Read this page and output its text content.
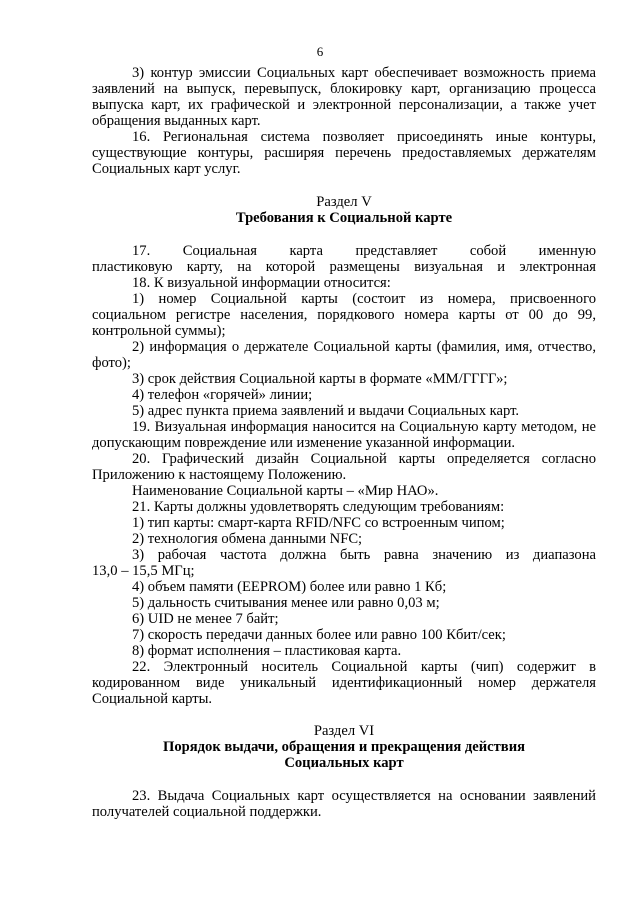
6
3) контур эмиссии Социальных карт обеспечивает возможность приема
заявлений на выпуск, перевыпуск, блокировку карт, организацию процесса
выпуска карт, их графической и электронной персонализации, а также учет
обращения выданных карт.
16. Региональная система позволяет присоединять иные контуры,
существующие контуры, расширяя перечень предоставляемых держателям
Социальных карт услуг.
Раздел V
Требования к Социальной карте
17. Социальная карта представляет собой именную
пластиковую карту, на которой размещены визуальная и электронная
18. К визуальной информации относится:
1) номер Социальной карты (состоит из номера, присвоенного
социальном регистре населения, порядкового номера карты от 00 до 99,
контрольной суммы);
2) информация о держателе Социальной карты (фамилия, имя, отчество,
фото);
3) срок действия Социальной карты в формате «ММ/ГГГГ»;
4) телефон «горячей» линии;
5) адрес пункта приема заявлений и выдачи Социальных карт.
19. Визуальная информация наносится на Социальную карту методом, не
допускающим повреждение или изменение указанной информации.
20. Графический дизайн Социальной карты определяется согласно
Приложению к настоящему Положению.
Наименование Социальной карты – «Мир НАО».
21. Карты должны удовлетворять следующим требованиям:
1) тип карты: смарт-карта RFID/NFC со встроенным чипом;
2) технология обмена данными NFC;
3) рабочая частота должна быть равна значению из диапазона
13,0 – 15,5 МГц;
4) объем памяти (EEPROM) более или равно 1 Кб;
5) дальность считывания менее или равно 0,03 м;
6) UID не менее 7 байт;
7) скорость передачи данных более или равно 100 Кбит/сек;
8) формат исполнения – пластиковая карта.
22. Электронный носитель Социальной карты (чип) содержит в
кодированном виде уникальный идентификационный номер держателя
Социальной карты.
Раздел VI
Порядок выдачи, обращения и прекращения действия
Социальных карт
23. Выдача Социальных карт осуществляется на основании заявлений
получателей социальной поддержки.
